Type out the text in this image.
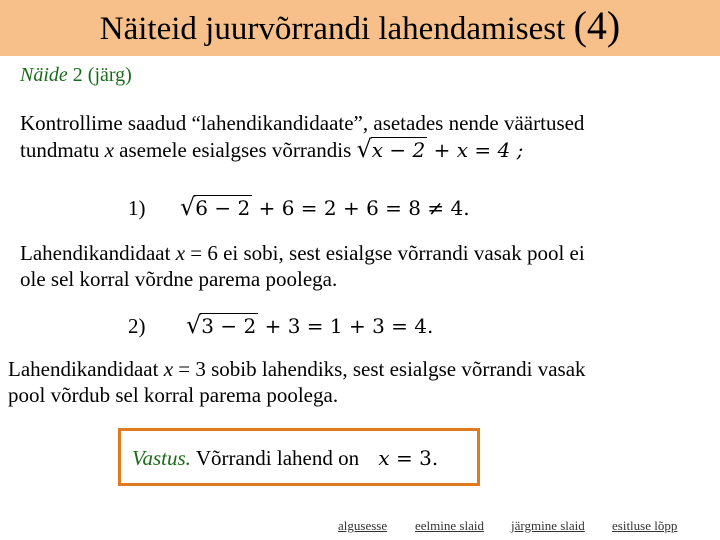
Näiteid juurvõrrandi lahendamisest (4)
Näide 2 (järg)
Kontrollime saadud “lahendikandidaate”, asetades nende väärtused
tundmatu x asemele esialgses võrrandis √x − 2 + x = 4 ;
1) √6 − 2 + 6 = 2 + 6 = 8 ≠ 4.
Lahendikandidaat x = 6 ei sobi, sest esialgse võrrandi vasak pool ei
ole sel korral võrdne parema poolega.
2) √3 − 2 + 3 = 1 + 3 = 4.
Lahendikandidaat x = 3 sobib lahendiks, sest esialgse võrrandi vasak
pool võrdub sel korral parema poolega.
Vastus. Võrrandi lahend on x = 3.
algusesse eelmine slaid järgmine slaid esitluse lõpp
